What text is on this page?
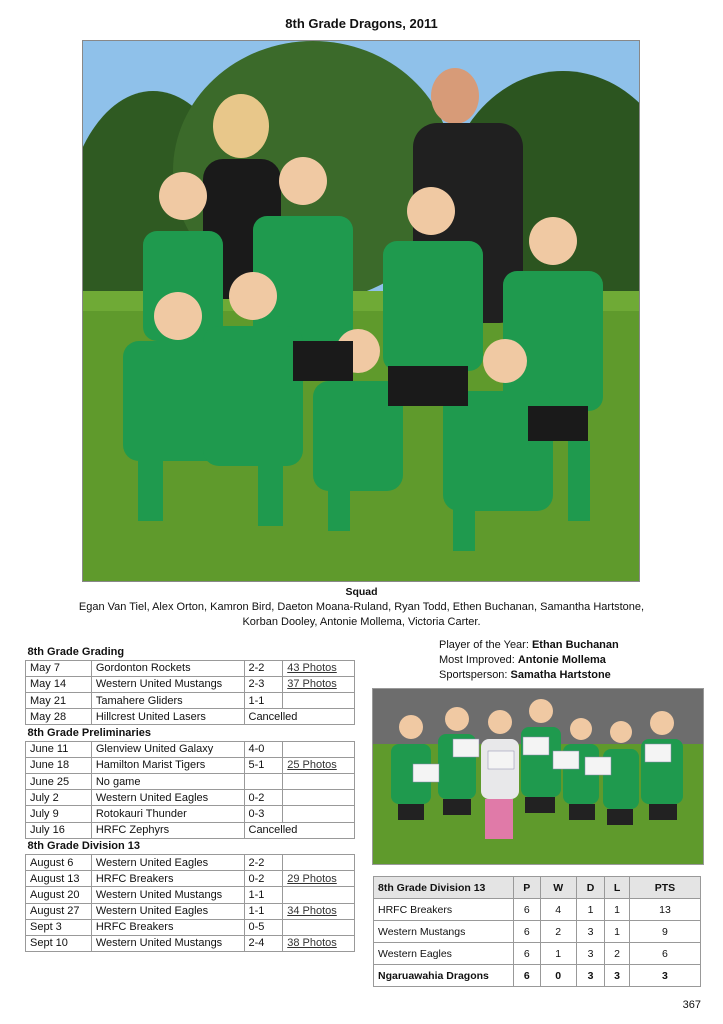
8th Grade Dragons, 2011
Squad
Egan Van Tiel, Alex Orton, Kamron Bird, Daeton Moana-Ruland, Ryan Todd, Ethen Buchanan, Samantha Hartstone,
Korban Dooley, Antonie Mollema, Victoria Carter.
8th Grade Grading			
May 7	Gordonton Rockets	2-2	43 Photos
May 14	Western United Mustangs	2-3	37 Photos
May 21	Tamahere Gliders	1-1	
May 28	Hillcrest United Lasers	Cancelled	
8th Grade Preliminaries			
June 11	Glenview United Galaxy	4-0	
June 18	Hamilton Marist Tigers	5-1	25 Photos
June 25	No game		
July 2	Western United Eagles	0-2	
July 9	Rotokauri Thunder	0-3	
July 16	HRFC Zephyrs	Cancelled	
8th Grade Division 13			
August 6	Western United Eagles	2-2	
August 13	HRFC Breakers	0-2	29 Photos
August 20	Western United Mustangs	1-1	
August 27	Western United Eagles	1-1	34 Photos
Sept 3	HRFC Breakers	0-5	
Sept 10	Western United Mustangs	2-4	38 Photos
Player of the Year: Ethan Buchanan
Most Improved: Antonie Mollema
Sportsperson: Samatha Hartstone
8th Grade Division 13	P	W	D	L	PTS
HRFC Breakers	6	4	1	1	13
Western Mustangs	6	2	3	1	9
Western Eagles	6	1	3	2	6
Ngaruawahia Dragons	6	0	3	3	3
367
